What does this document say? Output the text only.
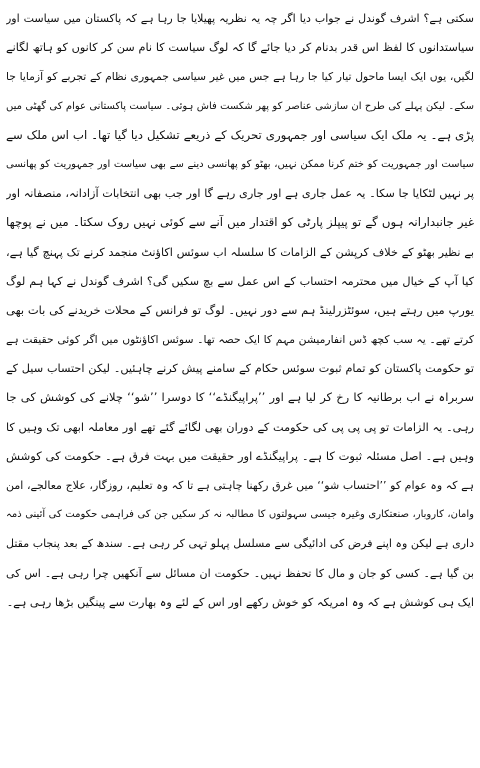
سکتی ہے؟ اشرف گوندل نے جواب دیا اگر چہ یہ نظریہ پھیلایا جا رہا ہے کہ پاکستان میں سیاست اور
سیاستدانوں کا لفظ اس قدر بدنام کر دیا جائے گا کہ لوگ سیاست کا نام سن کر کانوں کو ہاتھ لگانے
لگیں، یوں ایک ایسا ماحول تیار کیا جا رہا ہے جس میں غیر سیاسی جمہوری نظام کے تجربے کو آزمایا جا
سکے۔ لیکن پہلے کی طرح ان سازشی عناصر کو پھر شکست فاش ہوئی۔ سیاست پاکستانی عوام کی گھٹی میں
پڑی ہے۔ یہ ملک ایک سیاسی اور جمہوری تحریک کے ذریعے تشکیل دیا گیا تھا۔ اب اس ملک سے
سیاست اور جمہوریت کو ختم کرنا ممکن نہیں، بھٹو کو پھانسی دینے سے بھی سیاست اور جمہوریت کو پھانسی
پر نہیں لٹکایا جا سکا۔ یہ عمل جاری ہے اور جاری رہے گا اور جب بھی انتخابات آزادانہ، منصفانہ اور
غیر جانبدارانہ ہوں گے تو پیپلز پارٹی کو اقتدار میں آنے سے کوئی نہیں روک سکتا۔ میں نے پوچھا
بے نظیر بھٹو کے خلاف کرپشن کے الزامات کا سلسلہ اب سوئس اکاؤنٹ منجمد کرنے تک پہنچ گیا ہے،
کیا آپ کے خیال میں محترمہ احتساب کے اس عمل سے بچ سکیں گی؟ اشرف گوندل نے کہا ہم لوگ
یورپ میں رہتے ہیں، سوئٹزرلینڈ ہم سے دور نہیں۔ لوگ تو فرانس کے محلات خریدنے کی بات بھی
کرتے تھے۔ یہ سب کچھ ڈس انفارمیشن مہم کا ایک حصہ تھا۔ سوئس اکاؤنٹوں میں اگر کوئی حقیقت ہے
تو حکومت پاکستان کو تمام ثبوت سوئس حکام کے سامنے پیش کرنے چاہئیں۔ لیکن احتساب سیل کے
سربراہ نے اب برطانیہ کا رخ کر لیا ہے اور ’’پراپیگنڈے‘‘ کا دوسرا ’’شو‘‘ چلانے کی کوشش کی جا
رہی۔ یہ الزامات تو پی پی پی کی حکومت کے دوران بھی لگائے گئے تھے اور معاملہ ابھی تک وہیں کا
وہیں ہے۔ اصل مسئلہ ثبوت کا ہے۔ پراپیگنڈے اور حقیقت میں بہت فرق ہے۔ حکومت کی کوشش
ہے کہ وہ عوام کو ’’احتساب شو‘‘ میں غرق رکھنا چاہتی ہے تا کہ وہ تعلیم، روزگار، علاج معالجے، امن
وامان، کاروبار، صنعتکاری وغیرہ جیسی سہولتوں کا مطالبہ نہ کر سکیں جن کی فراہمی حکومت کی آئینی ذمہ
داری ہے لیکن وہ اپنے فرض کی ادائیگی سے مسلسل پہلو تہی کر رہی ہے۔ سندھ کے بعد پنجاب مقتل
بن گیا ہے۔ کسی کو جان و مال کا تحفظ نہیں۔ حکومت ان مسائل سے آنکھیں چرا رہی ہے۔ اس کی
ایک ہی کوشش ہے کہ وہ امریکہ کو خوش رکھے اور اس کے لئے وہ بھارت سے پینگیں بڑھا رہی ہے۔
